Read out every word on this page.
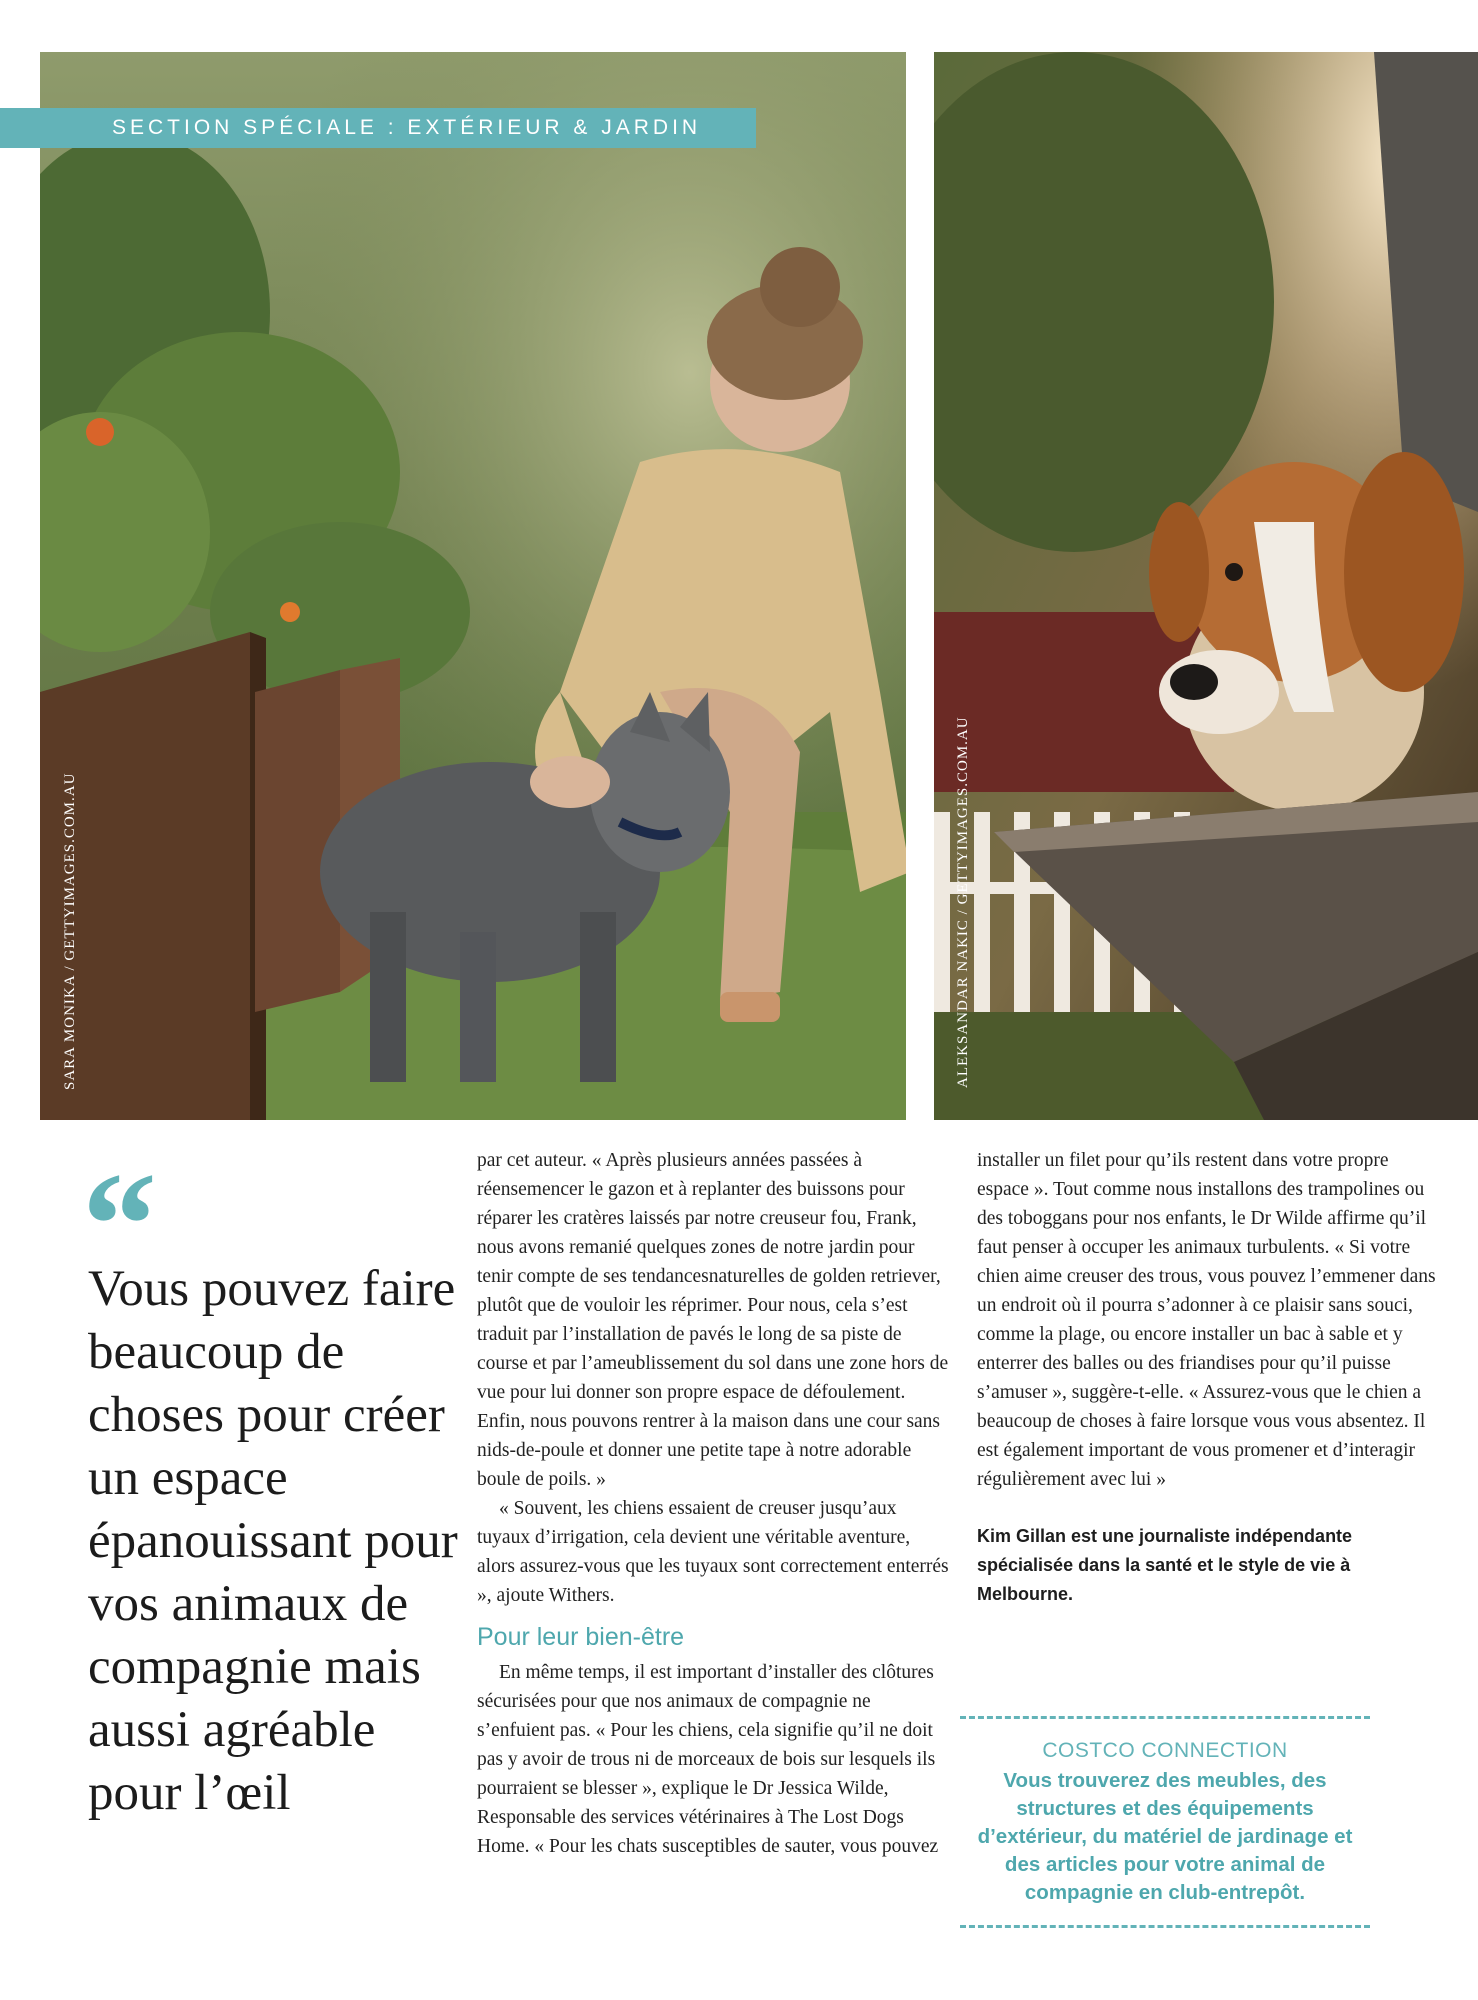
SARA MONIKA / GETTYIMAGES.COM.AU	ALEKSANDAR NAKIC / GETTYIMAGES.COM.AU
SECTION SPÉCIALE : EXTÉRIEUR & JARDIN
“
Vous pouvez faire beaucoup de choses pour créer un espace épanouissant pour vos animaux de compagnie mais aussi agréable pour l’œil

par cet auteur. « Après plusieurs années passées à réensemencer le gazon et à replanter des buissons pour réparer les cratères laissés par notre creuseur fou, Frank, nous avons remanié quelques zones de notre jardin pour tenir compte de ses tendancesnaturelles de golden retriever, plutôt que de vouloir les réprimer. Pour nous, cela s’est traduit par l’installation de pavés le long de sa piste de course et par l’ameublissement du sol dans une zone hors de vue pour lui donner son propre espace de défoulement. Enfin, nous pouvons rentrer à la maison dans une cour sans nids-de-poule et donner une petite tape à notre adorable boule de poils. »

« Souvent, les chiens essaient de creuser jusqu’aux tuyaux d’irrigation, cela devient une véritable aventure, alors assurez-vous que les tuyaux sont correctement enterrés », ajoute Withers.

Pour leur bien-être

En même temps, il est important d’installer des clôtures sécurisées pour que nos animaux de compagnie ne s’enfuient pas. « Pour les chiens, cela signifie qu’il ne doit pas y avoir de trous ni de morceaux de bois sur lesquels ils pourraient se blesser », explique le Dr Jessica Wilde, Responsable des services vétérinaires à The Lost Dogs Home. « Pour les chats susceptibles de sauter, vous pouvez

installer un filet pour qu’ils restent dans votre propre espace ». Tout comme nous installons des trampolines ou des toboggans pour nos enfants, le Dr Wilde affirme qu’il faut penser à occuper les animaux turbulents. « Si votre chien aime creuser des trous, vous pouvez l’emmener dans un endroit où il pourra s’adonner à ce plaisir sans souci, comme la plage, ou encore installer un bac à sable et y enterrer des balles ou des friandises pour qu’il puisse s’amuser », suggère-t-elle. « Assurez-vous que le chien a beaucoup de choses à faire lorsque vous vous absentez. Il est également important de vous promener et d’interagir régulièrement avec lui »

Kim Gillan est une journaliste indépendante spécialisée dans la santé et le style de vie à Melbourne.
COSTCO CONNECTION
Vous trouverez des meubles, des structures et des équipements d’extérieur, du matériel de jardinage et des articles pour votre animal de compagnie en club-entrepôt.
